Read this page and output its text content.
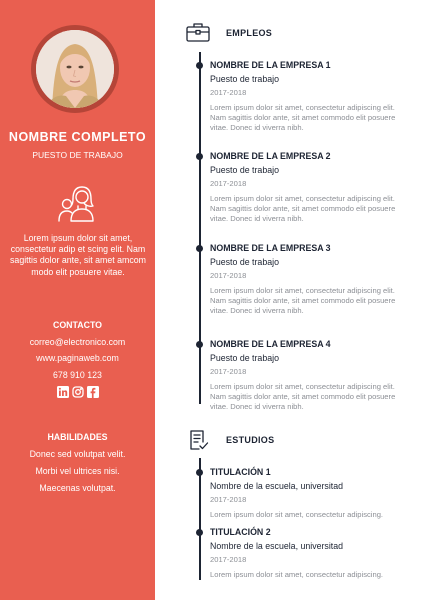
NOMBRE COMPLETO
PUESTO DE TRABAJO
Lorem ipsum dolor sit amet, consectetur adip et scing elit. Nam sagittis dolor ante, sit amet amcom modo elit posuere vitae.
CONTACTO
correo@electronico.com
www.paginaweb.com
678 910 123
HABILIDADES
Donec sed volutpat velit.
Morbi vel ultrices nisi.
Maecenas volutpat.
EMPLEOS
NOMBRE DE LA EMPRESA 1
Puesto de trabajo
2017-2018
Lorem ipsum dolor sit amet, consectetur adipiscing elit. Nam sagittis dolor ante, sit amet commodo elit posuere vitae. Donec id viverra nibh.
NOMBRE DE LA EMPRESA 2
Puesto de trabajo
2017-2018
Lorem ipsum dolor sit amet, consectetur adipiscing elit. Nam sagittis dolor ante, sit amet commodo elit posuere vitae. Donec id viverra nibh.
NOMBRE DE LA EMPRESA 3
Puesto de trabajo
2017-2018
Lorem ipsum dolor sit amet, consectetur adipiscing elit. Nam sagittis dolor ante, sit amet commodo elit posuere vitae. Donec id viverra nibh.
NOMBRE DE LA EMPRESA 4
Puesto de trabajo
2017-2018
Lorem ipsum dolor sit amet, consectetur adipiscing elit. Nam sagittis dolor ante, sit amet commodo elit posuere vitae. Donec id viverra nibh.
ESTUDIOS
TITULACIÓN 1
Nombre de la escuela, universitad
2017-2018
Lorem ipsum dolor sit amet, consectetur adipiscing.
TITULACIÓN 2
Nombre de la escuela, universitad
2017-2018
Lorem ipsum dolor sit amet, consectetur adipiscing.
